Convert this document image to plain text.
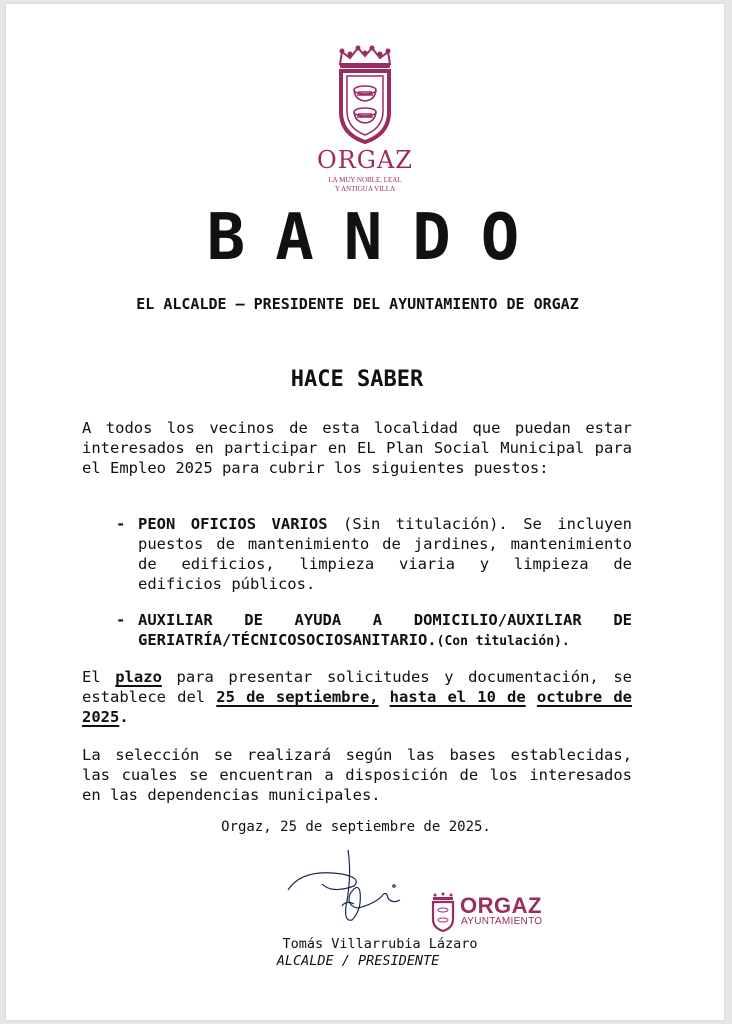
ORGAZ
LA MUY NOBLE, LEAL
Y ANTIGUA VILLA
BANDO
EL ALCALDE – PRESIDENTE DEL AYUNTAMIENTO DE ORGAZ
HACE SABER
A todos los vecinos de esta localidad que puedan estar interesados en participar en EL Plan Social Municipal para el Empleo 2025 para cubrir los siguientes puestos:
- PEON OFICIOS VARIOS (Sin titulación). Se incluyen puestos de mantenimiento de jardines, mantenimiento de edificios, limpieza viaria y limpieza de edificios públicos.
- AUXILIAR DE AYUDA A DOMICILIO/AUXILIAR DE GERIATRÍA/TÉCNICOSOCIOSANITARIO.(Con titulación).
El plazo para presentar solicitudes y documentación, se establece del 25 de septiembre, hasta el 10 de octubre de 2025.
La selección se realizará según las bases establecidas, las cuales se encuentran a disposición de los interesados en las dependencias municipales.
Orgaz, 25 de septiembre de 2025.
ORGAZ
AYUNTAMIENTO
Tomás Villarrubia Lázaro
ALCALDE / PRESIDENTE
